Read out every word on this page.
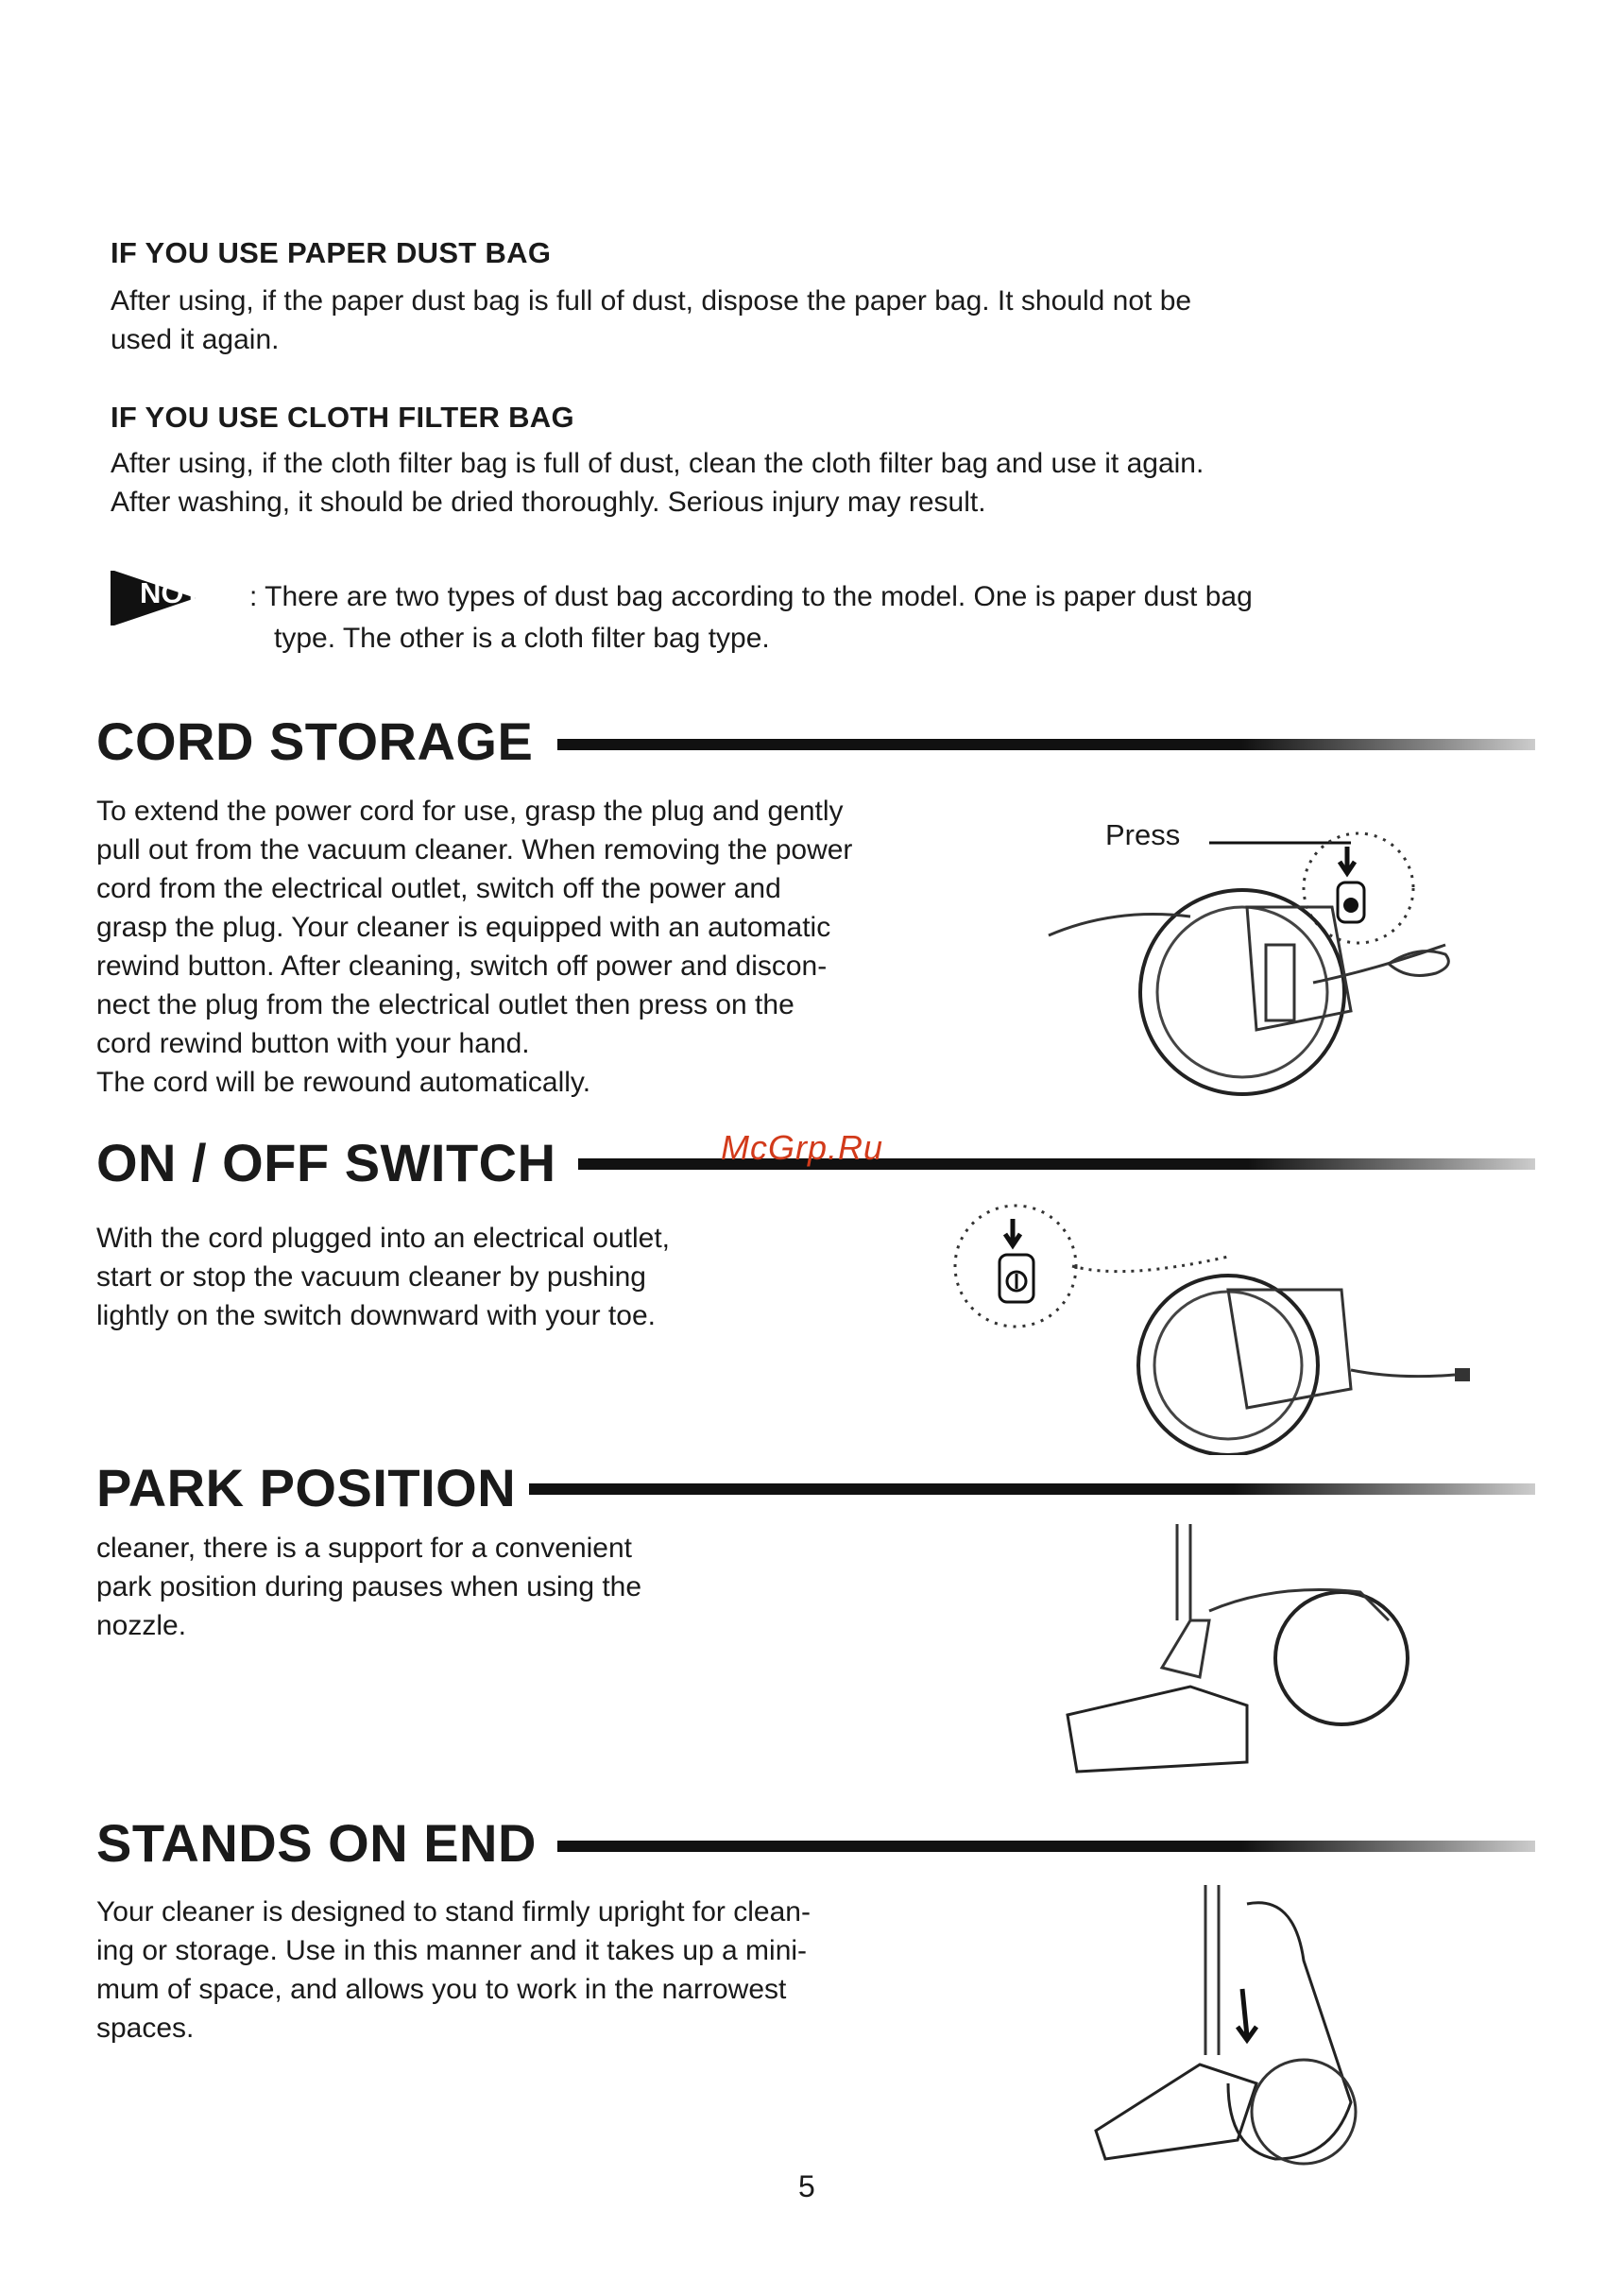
IF YOU USE PAPER DUST BAG
After using, if the paper dust bag is full of dust, dispose the paper bag. It should not be
used it again.
IF YOU USE CLOTH FILTER BAG
After using, if the cloth filter bag is full of dust, clean the cloth filter bag and use it again.
After washing, it should be dried thoroughly. Serious injury may result.
NOTE : There are two types of dust bag according to the model. One is paper dust bag
type. The other is a cloth filter bag type.
CORD STORAGE
To extend the power cord for use, grasp the plug and gently
pull out from the vacuum cleaner. When removing the power
cord from the electrical outlet, switch off the power and
grasp the plug. Your cleaner is equipped with an automatic
rewind button. After cleaning, switch off power and discon-
nect the plug from the electrical outlet then press on the
cord rewind button with your hand.
The cord will be rewound automatically.
Press
ON / OFF SWITCH	McGrp.Ru
With the cord plugged into an electrical outlet,
start or stop the vacuum cleaner by pushing
lightly on the switch downward with your toe.
PARK POSITION
cleaner, there is a support for a convenient
park position during pauses when using the
nozzle.
STANDS ON END
Your cleaner is designed to stand firmly upright for clean-
ing or storage. Use in this manner and it takes up a mini-
mum of space, and allows you to work in the narrowest
spaces.
5
